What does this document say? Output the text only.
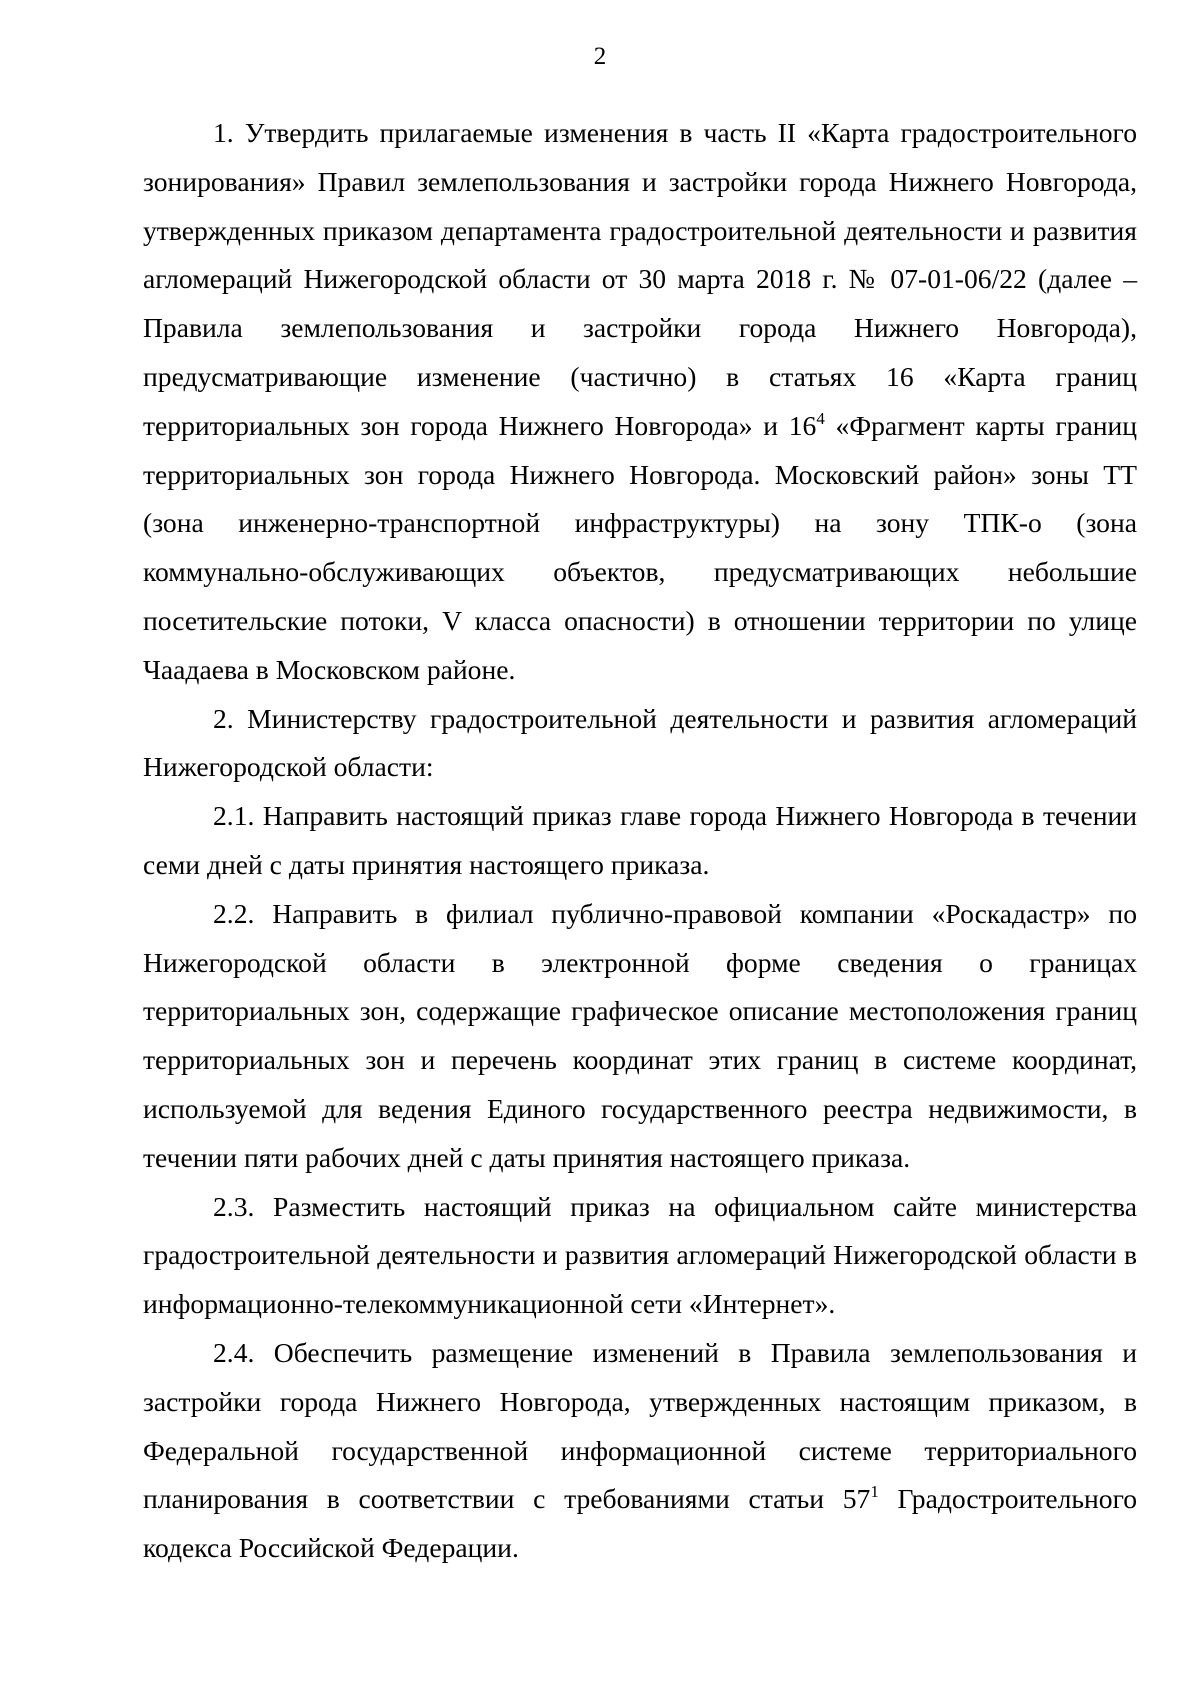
2

1. Утвердить прилагаемые изменения в часть II «Карта градостроительного зонирования» Правил землепользования и застройки города Нижнего Новгорода, утвержденных приказом департамента градостроительной деятельности и развития агломераций Нижегородской области от 30 марта 2018 г. № 07-01-06/22 (далее – Правила землепользования и застройки города Нижнего Новгорода), предусматривающие изменение (частично) в статьях 16 «Карта границ территориальных зон города Нижнего Новгорода» и $16^4$ «Фрагмент карты границ территориальных зон города Нижнего Новгорода. Московский район» зоны ТТ (зона инженерно-транспортной инфраструктуры) на зону ТПК-о (зона коммунально-обслуживающих объектов, предусматривающих небольшие посетительские потоки, V класса опасности) в отношении территории по улице Чаадаева в Московском районе.

2. Министерству градостроительной деятельности и развития агломераций Нижегородской области:

2.1. Направить настоящий приказ главе города Нижнего Новгорода в течении семи дней с даты принятия настоящего приказа.

2.2. Направить в филиал публично-правовой компании «Роскадастр» по Нижегородской области в электронной форме сведения о границах территориальных зон, содержащие графическое описание местоположения границ территориальных зон и перечень координат этих границ в системе координат, используемой для ведения Единого государственного реестра недвижимости, в течении пяти рабочих дней с даты принятия настоящего приказа.

2.3. Разместить настоящий приказ на официальном сайте министерства градостроительной деятельности и развития агломераций Нижегородской области в информационно-телекоммуникационной сети «Интернет».

2.4. Обеспечить размещение изменений в Правила землепользования и застройки города Нижнего Новгорода, утвержденных настоящим приказом, в Федеральной государственной информационной системе территориального планирования в соответствии с требованиями статьи $57^1$ Градостроительного кодекса Российской Федерации.
